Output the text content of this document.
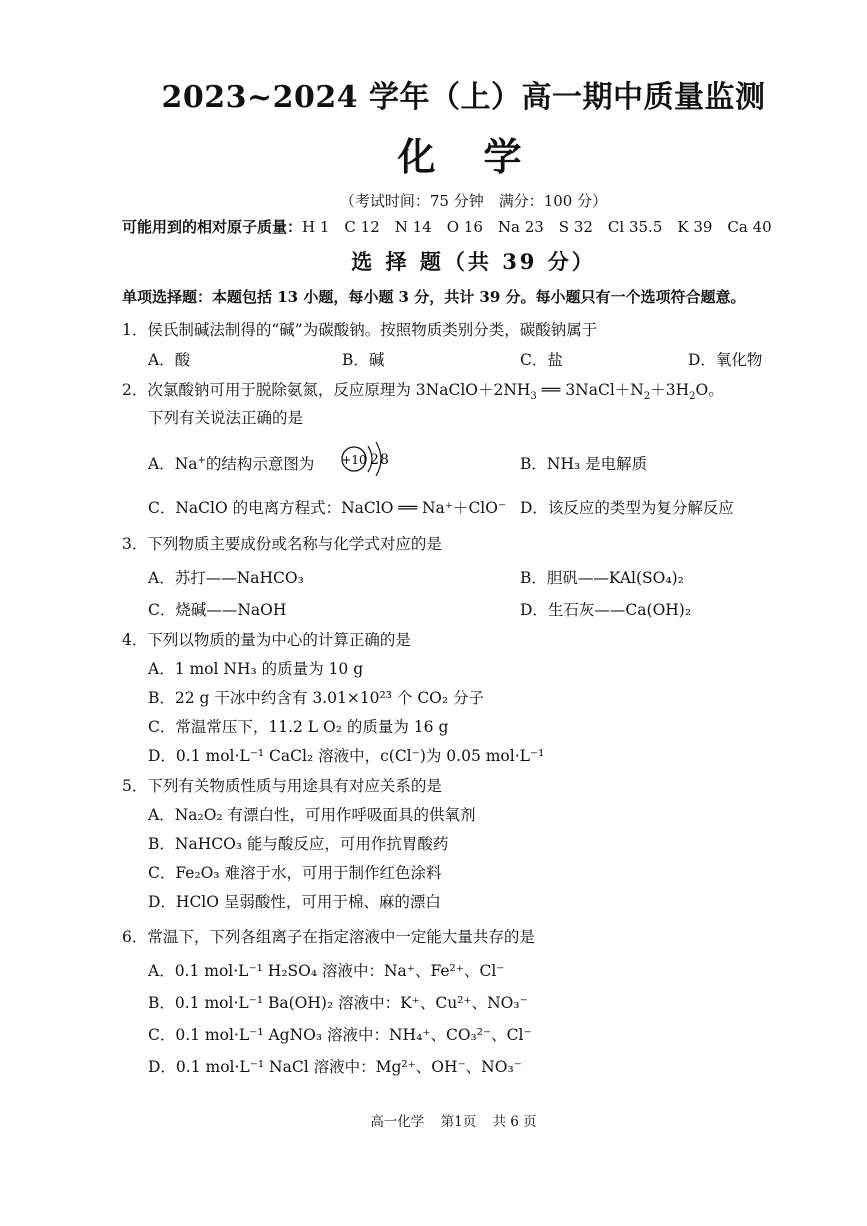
2023~2024 学年（上）高一期中质量监测
化学
（考试时间：75 分钟　满分：100 分）
可能用到的相对原子质量：H 1　C 12　N 14　O 16　Na 23　S 32　Cl 35.5　K 39　Ca 40
选 择 题（共 39 分）
单项选择题：本题包括 13 小题，每小题 3 分，共计 39 分。每小题只有一个选项符合题意。
1．侯氏制碱法制得的“碱”为碳酸钠。按照物质类别分类，碳酸钠属于
A．酸	B．碱	C．盐	D．氧化物
2．次氯酸钠可用于脱除氨氮，反应原理为 $3NaClO+2NH_3$ ══ $3NaCl+N_2+3H_2O$。
下列有关说法正确的是
A．Na+的结构示意图为 +10 2 8	B．NH₃ 是电解质
C．NaClO 的电离方程式：NaClO ══ Na⁺＋ClO⁻ D．该反应的类型为复分解反应
3．下列物质主要成份或名称与化学式对应的是
A．苏打——NaHCO₃	B．胆矾——KAl(SO₄)₂
C．烧碱——NaOH	D．生石灰——Ca(OH)₂
4．下列以物质的量为中心的计算正确的是
A．1 mol NH₃ 的质量为 10 g
B．22 g 干冰中约含有 3.01×10²³ 个 CO₂ 分子
C．常温常压下，11.2 L O₂ 的质量为 16 g
D．0.1 mol·L⁻¹ CaCl₂ 溶液中，c(Cl⁻)为 0.05 mol·L⁻¹
5．下列有关物质性质与用途具有对应关系的是
A．Na₂O₂ 有漂白性，可用作呼吸面具的供氧剂
B．NaHCO₃ 能与酸反应，可用作抗胃酸药
C．Fe₂O₃ 难溶于水，可用于制作红色涂料
D．HClO 呈弱酸性，可用于棉、麻的漂白
6．常温下，下列各组离子在指定溶液中一定能大量共存的是
A．0.1 mol·L⁻¹ H₂SO₄ 溶液中：Na⁺、Fe²⁺、Cl⁻
B．0.1 mol·L⁻¹ Ba(OH)₂ 溶液中：K⁺、Cu²⁺、NO₃⁻
C．0.1 mol·L⁻¹ AgNO₃ 溶液中：NH₄⁺、CO₃²⁻、Cl⁻
D．0.1 mol·L⁻¹ NaCl 溶液中：Mg²⁺、OH⁻、NO₃⁻
高一化学 第1页 共 6 页
